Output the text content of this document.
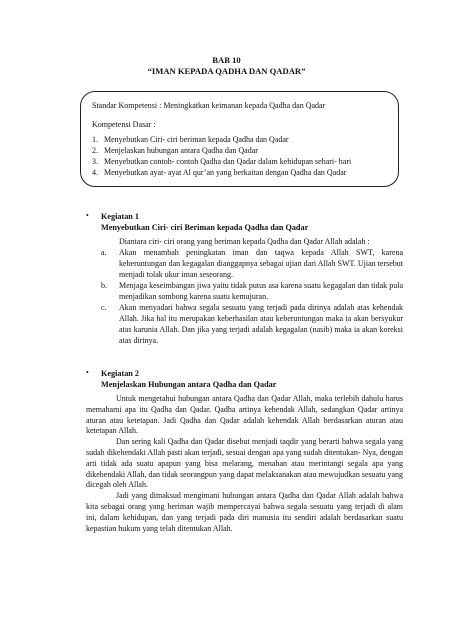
BAB 10
“IMAN KEPADA QADHA DAN QADAR”
Standar Kompetensi : Meningkatkan keimanan kepada Qadha dan Qadar
Kompetensi Dasar :
1. Menyebutkan Ciri- ciri beriman kepada Qadha dan Qadar
2. Menjelaskan hubungan antara Qadha dan Qadar
3. Menyebutkan contoh- contoh Qadha dan Qadar dalam kehidupan sehari- hari
4. Menyebutkan ayat- ayat Al qur’an yang berkaitan dengan Qadha dan Qadar
• Kegiatan 1
Menyebutkan Ciri- ciri Beriman kepada Qadha dan Qadar
Diantara ciri- ciri orang yang beriman kepada Qadha dan Qadar Allah adalah :
a. Akan menambah peningkatan iman dan taqwa kepada Allah SWT, karena keberuntungan dan kegagalan dianggapnya sebagai ujian dari Allah SWT. Ujian tersebut menjadi tolak ukur iman seseorang.
b. Menjaga keseimbangan jiwa yaitu tidak putus asa karena suatu kegagalan dan tidak pula menjadikan sombong karena suatu kemujuran.
c. Akan menyadari bahwa segala sesuatu yang terjadi pada dirinya adalah atas kehendak Allah. Jika hal itu merupakan keberhasilan atau keberuntungan maka ia akan bersyukur atas karunia Allah. Dan jika yang terjadi adalah kegagalan (nasib) maka ia akan koreksi atas dirinya.
• Kegiatan 2
Menjelaskan Hubungan antara Qadha dan Qadar

Untuk mengetahui hubungan antara Qadha dan Qadar Allah, maka terlebih dahulu harus memahami apa itu Qadha dan Qadar. Qadha artinya kehendak Allah, sedangkan Qadar artinya aturan atau ketetapan. Jadi Qadha dan Qadar adalah kehendak Allah berdasarkan aturan atau ketetapan Allah.

Dan sering kali Qadha dan Qadar disebut menjadi taqdir yang berarti bahwa segala yang sudah dikehendaki Allah pasti akan terjadi, sesuai dengan apa yang sudah ditentukan- Nya, dengan arti tidak ada suatu apapun yang bisa melarang, menahan atau merintangi segala apa yang dikehendaki Allah, dan tidak seorangpun yang dapat melaksanakan atau mewujudkan sesuatu yang dicegah oleh Allah.

Jadi yang dimaksud mengimani hubungan antara Qadha dan Qadar Allah adalah bahwa kita sebagai orang yang beriman wajib mempercayai bahwa segala sesuatu yang terjadi di alam ini, dalam kehidupan, dan yang terjadi pada diri manusia itu sendiri adalah berdasarkan suatu kepastian hukum yang telah ditentukan Allah.
